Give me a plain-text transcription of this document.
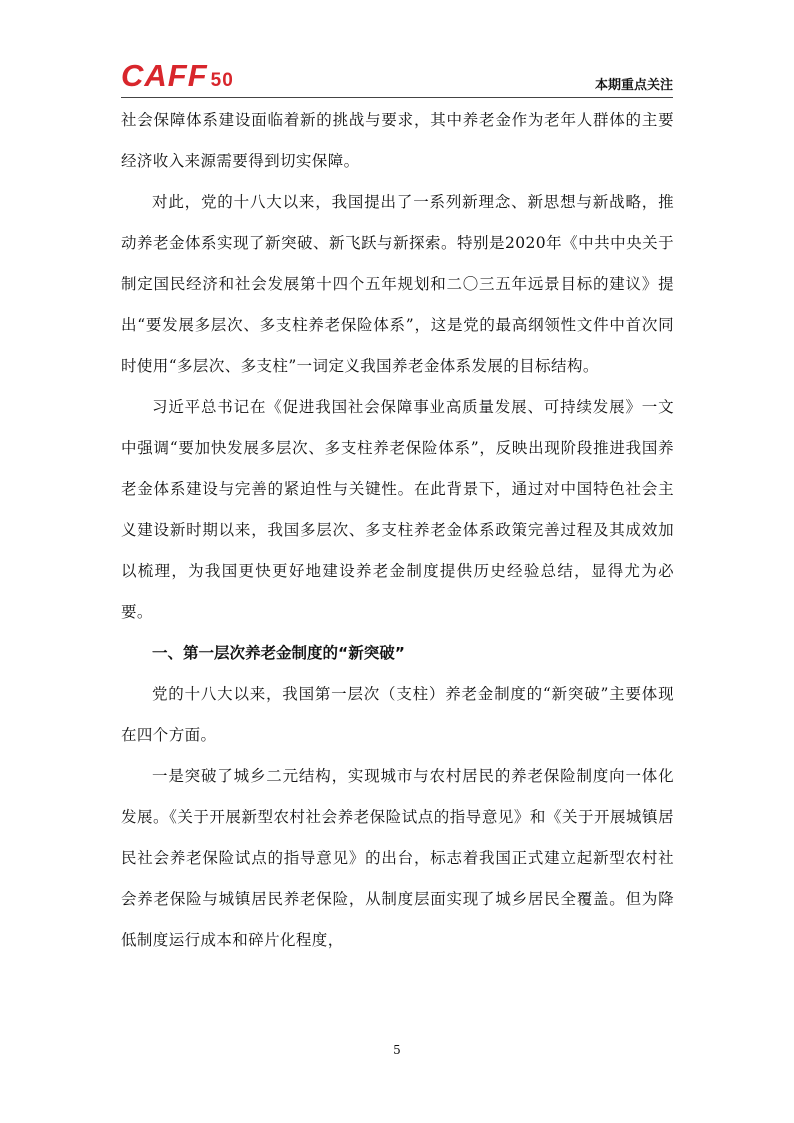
CAFF 50	本期重点关注

社会保障体系建设面临着新的挑战与要求，其中养老金作为老年人群体的主要经济收入来源需要得到切实保障。

对此，党的十八大以来，我国提出了一系列新理念、新思想与新战略，推动养老金体系实现了新突破、新飞跃与新探索。特别是2020年《中共中央关于制定国民经济和社会发展第十四个五年规划和二〇三五年远景目标的建议》提出“要发展多层次、多支柱养老保险体系”，这是党的最高纲领性文件中首次同时使用“多层次、多支柱”一词定义我国养老金体系发展的目标结构。

习近平总书记在《促进我国社会保障事业高质量发展、可持续发展》一文中强调“要加快发展多层次、多支柱养老保险体系”，反映出现阶段推进我国养老金体系建设与完善的紧迫性与关键性。在此背景下，通过对中国特色社会主义建设新时期以来，我国多层次、多支柱养老金体系政策完善过程及其成效加以梳理，为我国更快更好地建设养老金制度提供历史经验总结，显得尤为必要。

一、第一层次养老金制度的“新突破”

党的十八大以来，我国第一层次（支柱）养老金制度的“新突破”主要体现在四个方面。

一是突破了城乡二元结构，实现城市与农村居民的养老保险制度向一体化发展。《关于开展新型农村社会养老保险试点的指导意见》和《关于开展城镇居民社会养老保险试点的指导意见》的出台，标志着我国正式建立起新型农村社会养老保险与城镇居民养老保险，从制度层面实现了城乡居民全覆盖。但为降低制度运行成本和碎片化程度，

5
